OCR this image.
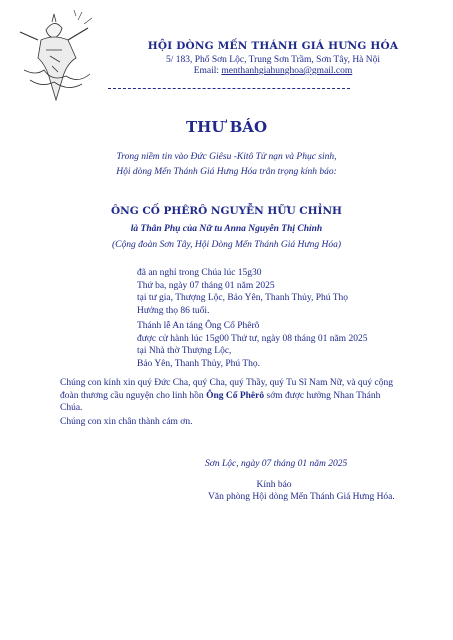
HỘI DÒNG MẾN THÁNH GIÁ HƯNG HÓA
5/ 183, Phố Sơn Lộc, Trung Sơn Trầm, Sơn Tây, Hà Nội
Email: menthanhgiahunghoa@gmail.com
THƯ BÁO
Trong niềm tin vào Đức Giêsu -Kitô Tử nạn và Phục sinh,
Hội dòng Mến Thánh Giá Hưng Hóa trân trọng kính báo:
ÔNG CỐ PHÊRÔ NGUYỄN HỮU CHỈNH
là Thân Phụ của Nữ tu Anna Nguyễn Thị Chỉnh
(Cộng đoàn Sơn Tây, Hội Dòng Mến Thánh Giá Hưng Hóa)
đã an nghỉ trong Chúa lúc 15g30
Thứ ba, ngày 07 tháng 01 năm 2025
tại tư gia, Thượng Lộc, Bảo Yên, Thanh Thủy, Phú Thọ
Hưởng thọ 86 tuổi.
Thánh lễ An táng Ông Cố Phêrô
được cử hành lúc 15g00 Thứ tư, ngày 08 tháng 01 năm 2025
tại Nhà thờ Thượng Lộc,
Bảo Yên, Thanh Thủy, Phú Thọ.
Chúng con kính xin quý Đức Cha, quý Cha, quý Thầy, quý Tu Sĩ Nam Nữ, và quý cộng đoàn thương cầu nguyện cho linh hồn Ông Cố Phêrô sớm được hưởng Nhan Thánh Chúa.
Chúng con xin chân thành cám ơn.
Sơn Lộc, ngày 07 tháng 01 năm 2025
Kính báo
Văn phòng Hội dòng Mến Thánh Giá Hưng Hóa.
